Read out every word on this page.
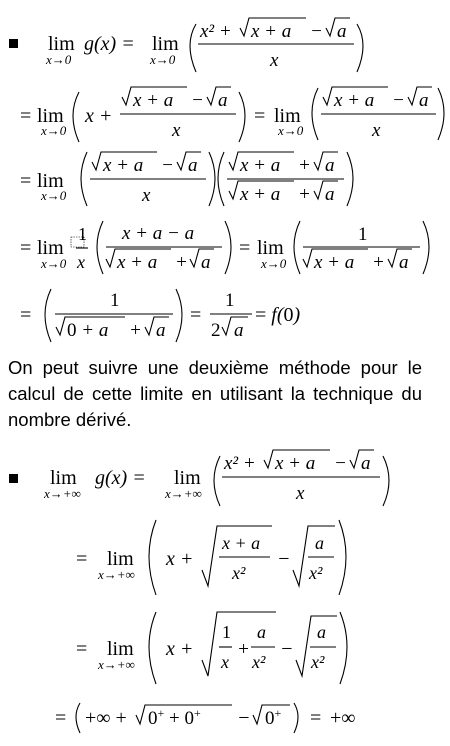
lim
x→0
g(x) = lim
x→0
x² + x + a − a
x
= lim
x→0
x +
x + a − a
x
= lim
x→0
x + a − a
x
= lim
x→0
x + a − a
x
x + a + a
x + a + a
= lim
x→0
1
x
x + a − a
x + a + a
= lim
x→0
1
x + a + a
=
1
0 + a + a
=
1
2 a
= f(0)
lim
x→+∞
g(x) = lim
x→+∞
x² + x + a − a
x
= lim
x→+∞
x +
x + a
x²
−
a
x²
= lim
x→+∞
x +
1
x
+
a
x²
−
a
x²
= +∞ + 0+ + 0+ − 0+ = +∞

On peut suivre une deuxième méthode pour le calcul de cette limite en utilisant la technique du nombre dérivé.
